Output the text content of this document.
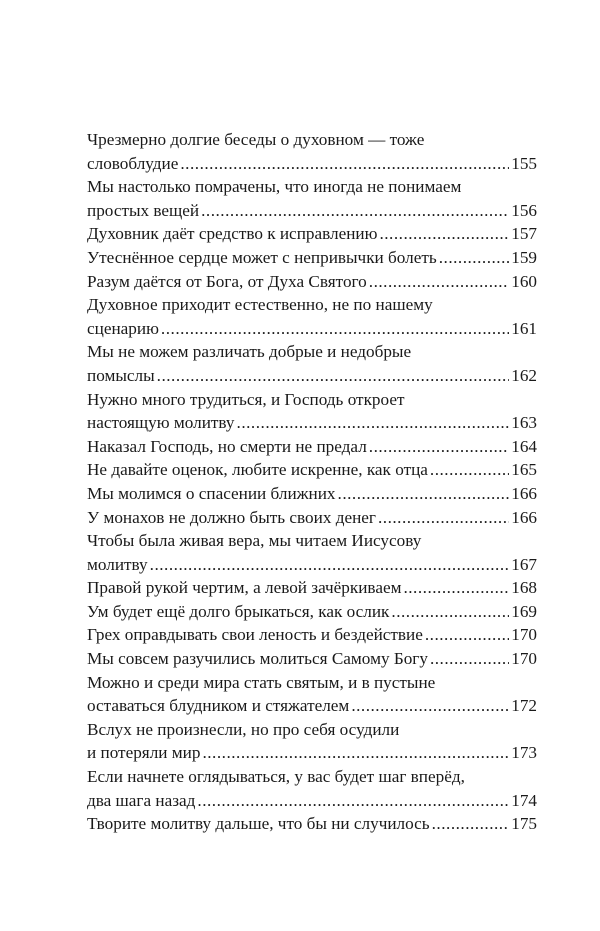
Чрезмерно долгие беседы о духовном — тоже
словоблудие .....	155
Мы настолько помрачены, что иногда не понимаем
простых вещей .....	156
Духовник даёт средство к исправлению .....	157
Утеснённое сердце может с непривычки болеть .....	159
Разум даётся от Бога, от Духа Святого .....	160
Духовное приходит естественно, не по нашему
сценарию .....	161
Мы не можем различать добрые и недобрые
помыслы .....	162
Нужно много трудиться, и Господь откроет
настоящую молитву .....	163
Наказал Господь, но смерти не предал .....	164
Не давайте оценок, любите искренне, как отца .....	165
Мы молимся о спасении ближних .....	166
У монахов не должно быть своих денег .....	166
Чтобы была живая вера, мы читаем Иисусову
молитву .....	167
Правой рукой чертим, а левой зачёркиваем .....	168
Ум будет ещё долго брыкаться, как ослик .....	169
Грех оправдывать свои леность и бездействие .....	170
Мы совсем разучились молиться Самому Богу .....	170
Можно и среди мира стать святым, и в пустыне
оставаться блудником и стяжателем .....	172
Вслух не произнесли, но про себя осудили
и потеряли мир .....	173
Если начнете оглядываться, у вас будет шаг вперёд,
два шага назад .....	174
Творите молитву дальше, что бы ни случилось .....	175
